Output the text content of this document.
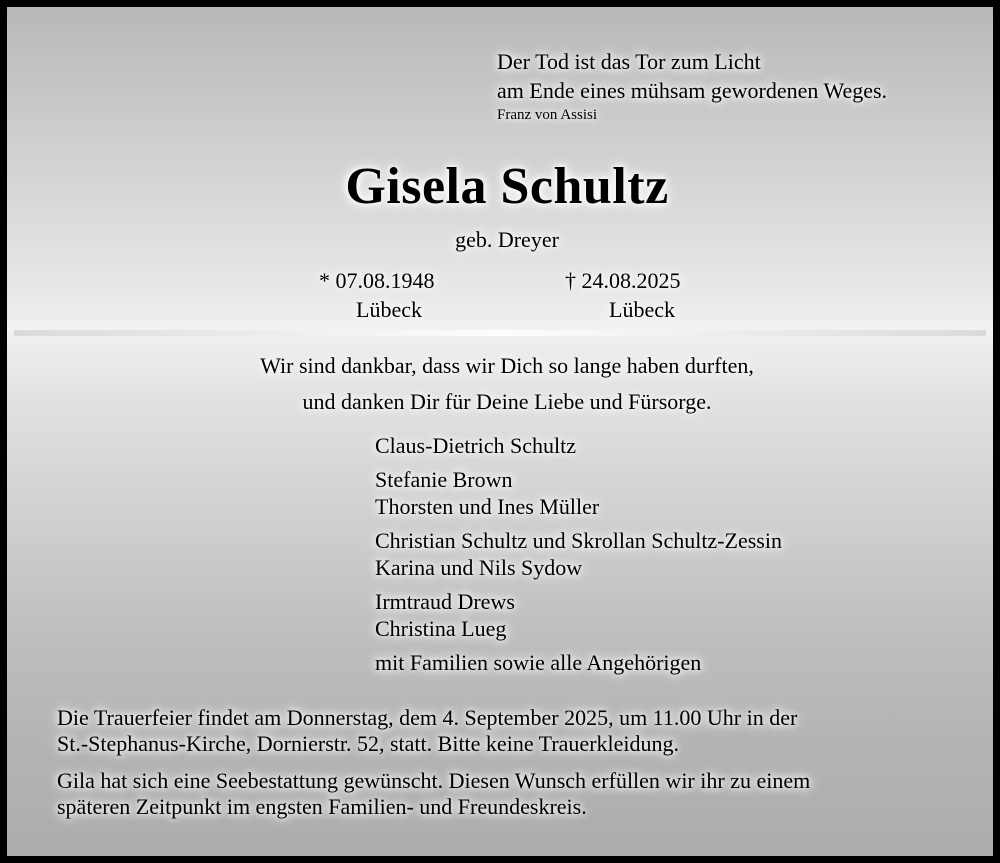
Der Tod ist das Tor zum Licht
am Ende eines mühsam gewordenen Weges.
Franz von Assisi
Gisela Schultz
geb. Dreyer
* 07.08.1948
Lübeck
† 24.08.2025
Lübeck
Wir sind dankbar, dass wir Dich so lange haben durften,
und danken Dir für Deine Liebe und Fürsorge.
Claus-Dietrich Schultz
Stefanie Brown
Thorsten und Ines Müller
Christian Schultz und Skrollan Schultz-Zessin
Karina und Nils Sydow
Irmtraud Drews
Christina Lueg
mit Familien sowie alle Angehörigen
Die Trauerfeier findet am Donnerstag, dem 4. September 2025, um 11.00 Uhr in der
St.-Stephanus-Kirche, Dornierstr. 52, statt. Bitte keine Trauerkleidung.
Gila hat sich eine Seebestattung gewünscht. Diesen Wunsch erfüllen wir ihr zu einem
späteren Zeitpunkt im engsten Familien- und Freundeskreis.
